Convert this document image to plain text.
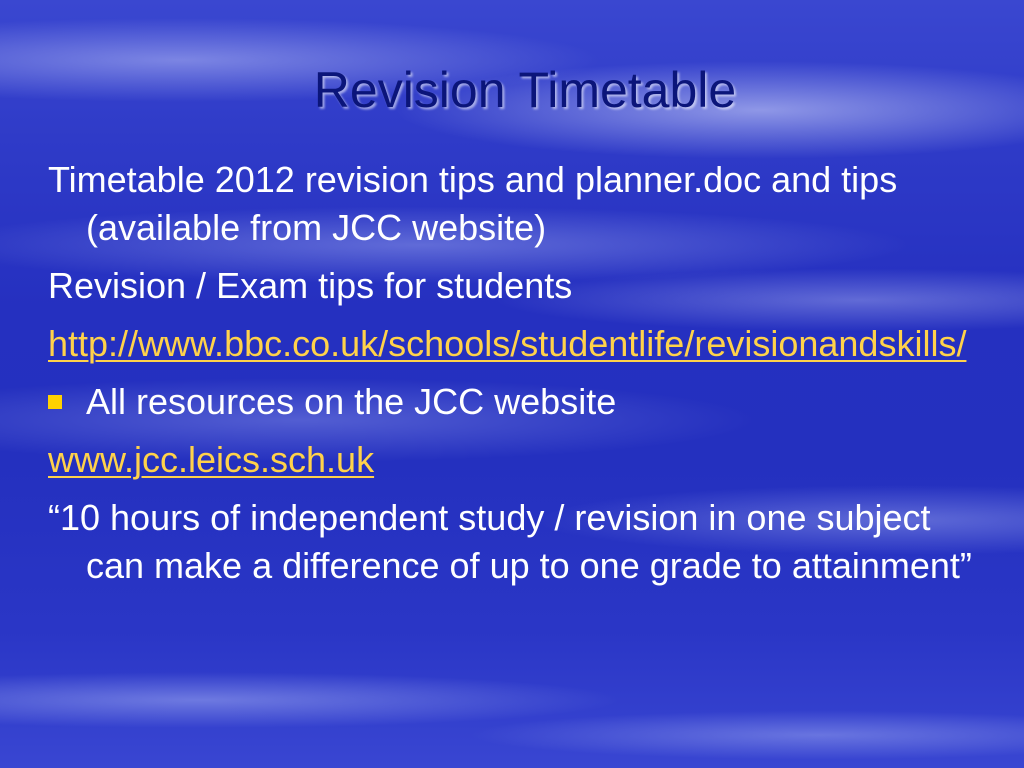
Revision Timetable

Timetable 2012 revision tips and planner.doc and tips (available from JCC website)

Revision / Exam tips for students

http://www.bbc.co.uk/schools/studentlife/revisionandskills/

All resources on the JCC website

www.jcc.leics.sch.uk

“10 hours of independent study / revision in one subject can make a difference of up to one grade to attainment”
